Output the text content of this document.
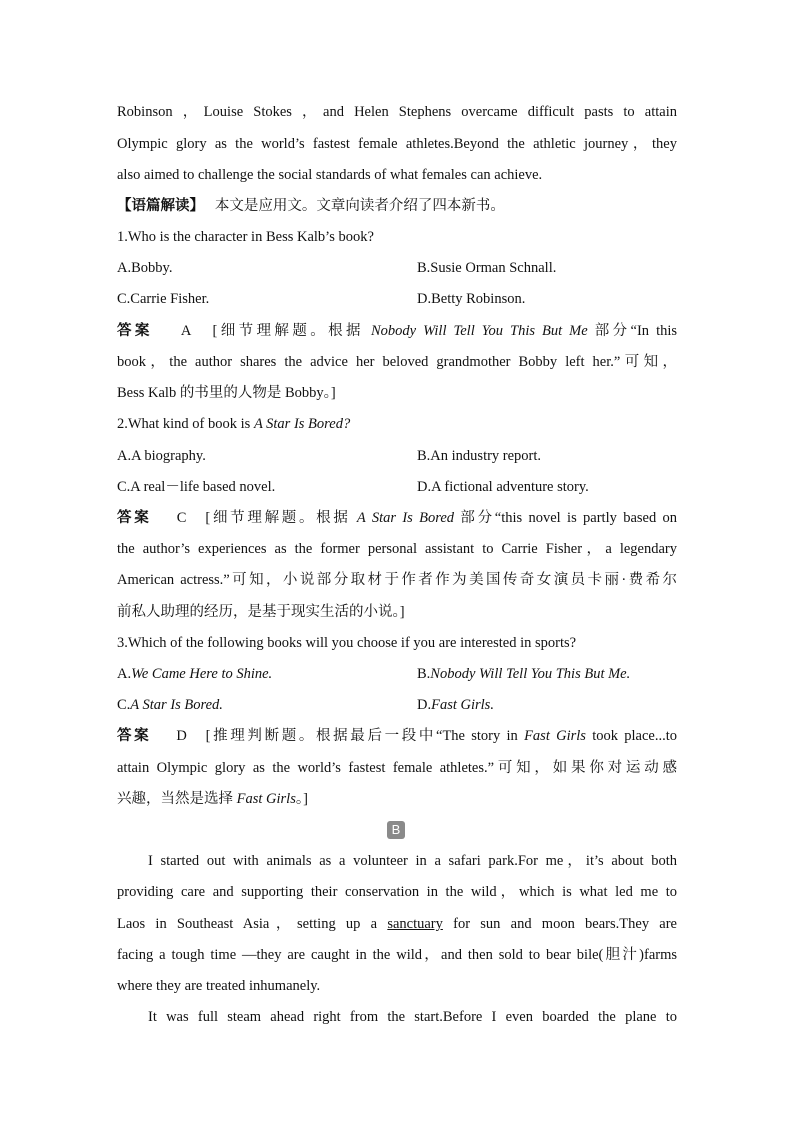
Robinson ，Louise Stokes ，and Helen Stephens overcame difficult pasts to attain
Olympic glory as the world’s fastest female athletes.Beyond the athletic journey，they
also aimed to challenge the social standards of what females can achieve.
【语篇解读】 本文是应用文。文章向读者介绍了四本新书。
1.Who is the character in Bess Kalb’s book?
A.Bobby.	B.Susie Orman Schnall.
C.Carrie Fisher.	D.Betty Robinson.
答案 A [细节理解题。根据 Nobody Will Tell You This But Me 部分“In this
book，the author shares the advice her beloved grandmother Bobby left her.”可知，
Bess Kalb 的书里的人物是 Bobby。]
2.What kind of book is A Star Is Bored?
A.A biography.	B.An industry report.
C.A real－life based novel.	D.A fictional adventure story.
答案 C [细节理解题。根据 A Star Is Bored 部分“this novel is partly based on
the author’s experiences as the former personal assistant to Carrie Fisher，a legendary
American actress.”可知，小说部分取材于作者作为美国传奇女演员卡丽·费希尔
前私人助理的经历，是基于现实生活的小说。]
3.Which of the following books will you choose if you are interested in sports?
A.We Came Here to Shine.	B.Nobody Will Tell You This But Me.
C.A Star Is Bored.	D.Fast Girls.
答案 D [推理判断题。根据最后一段中“The story in Fast Girls took place...to
attain Olympic glory as the world’s fastest female athletes.”可知，如果你对运动感
兴趣，当然是选择 Fast Girls。]
B
I started out with animals as a volunteer in a safari park.For me，it’s about both
providing care and supporting their conservation in the wild，which is what led me to
Laos in Southeast Asia，setting up a sanctuary for sun and moon bears.They are
facing a tough time —they are caught in the wild，and then sold to bear bile(胆汁)farms
where they are treated inhumanely.
It was full steam ahead right from the start.Before I even boarded the plane to
